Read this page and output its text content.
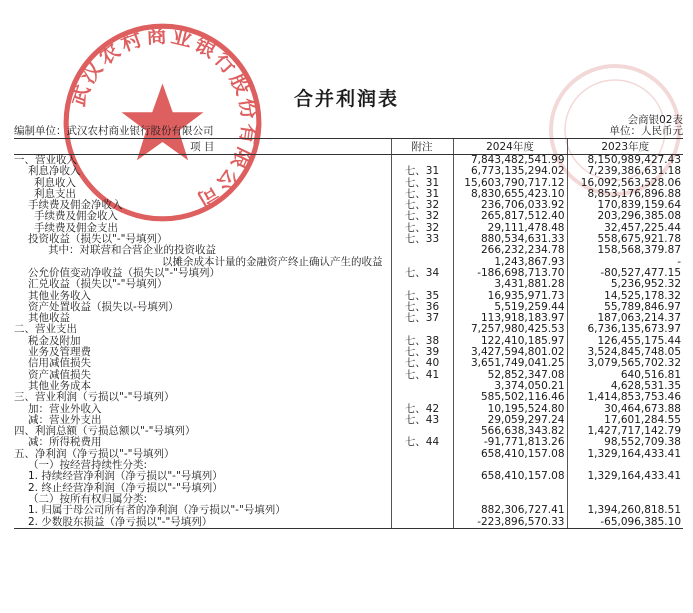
武汉农村商业银行股份有限公司
合并利润表
会商银02表
编制单位：武汉农村商业银行股份有限公司	单位：人民币元
项 目	附注	2024年度	2023年度
一、营业收入		7,843,482,541.99	8,150,989,427.43
利息净收入	七、31	6,773,135,294.02	7,239,386,631.18
利息收入	七、31	15,603,790,717.12	16,092,563,528.06
利息支出	七、31	8,830,655,423.10	8,853,176,896.88
手续费及佣金净收入	七、32	236,706,033.92	170,839,159.64
手续费及佣金收入	七、32	265,817,512.40	203,296,385.08
手续费及佣金支出	七、32	29,111,478.48	32,457,225.44
投资收益（损失以"-"号填列）	七、33	880,534,631.33	558,675,921.78
其中：对联营和合营企业的投资收益		266,232,234.78	158,568,379.87
以摊余成本计量的金融资产终止确认产生的收益		1,243,867.93	-
公允价值变动净收益（损失以"-"号填列）	七、34	-186,698,713.70	-80,527,477.15
汇兑收益（损失以"-"号填列）		3,431,881.28	5,236,952.32
其他业务收入	七、35	16,935,971.73	14,525,178.32
资产处置收益（损失以-号填列）	七、36	5,519,259.44	55,789,846.97
其他收益	七、37	113,918,183.97	187,063,214.37
二、营业支出		7,257,980,425.53	6,736,135,673.97
税金及附加	七、38	122,410,185.97	126,455,175.44
业务及管理费	七、39	3,427,594,801.02	3,524,845,748.05
信用减值损失	七、40	3,651,749,041.25	3,079,565,702.32
资产减值损失	七、41	52,852,347.08	640,516.81
其他业务成本		3,374,050.21	4,628,531.35
三、营业利润（亏损以"-"号填列）		585,502,116.46	1,414,853,753.46
加：营业外收入	七、42	10,195,524.80	30,464,673.88
减：营业外支出	七、43	29,059,297.24	17,601,284.55
四、利润总额（亏损总额以"-"号填列）		566,638,343.82	1,427,717,142.79
减：所得税费用	七、44	-91,771,813.26	98,552,709.38
五、净利润（净亏损以"-"号填列）		658,410,157.08	1,329,164,433.41
（一）按经营持续性分类:			
1. 持续经营净利润（净亏损以"-"号填列）		658,410,157.08	1,329,164,433.41
2. 终止经营净利润（净亏损以"-"号填列）			
（二）按所有权归属分类:			
1. 归属于母公司所有者的净利润（净亏损以"-"号填列）		882,306,727.41	1,394,260,818.51
2. 少数股东损益（净亏损以"-"号填列）		-223,896,570.33	-65,096,385.10
